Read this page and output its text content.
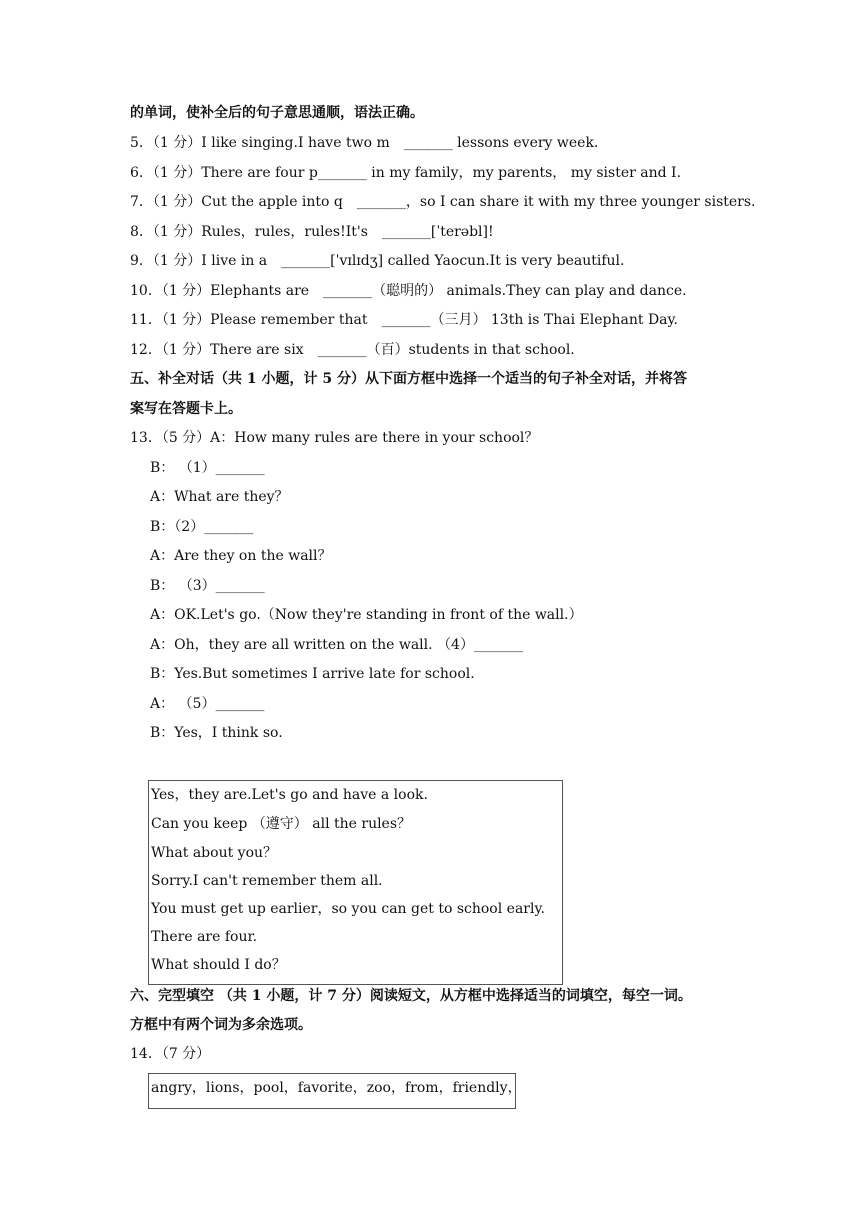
的单词，使补全后的句子意思通顺，语法正确。
5．（1 分）I like singing.I have two m　_______ lessons every week.
6．（1 分）There are four p_______ in my family，my parents， my sister and I.
7．（1 分）Cut the apple into q　_______，so I can share it with my three younger sisters.
8．（1 分）Rules，rules，rules!It's　_______[ˈterəbl]!
9．（1 分）I live in a　_______[ˈvɪlɪdʒ] called Yaocun.It is very beautiful.
10．（1 分）Elephants are　_______（聪明的） animals.They can play and dance.
11．（1 分）Please remember that　_______（三月） 13th is Thai Elephant Day.
12．（1 分）There are six　_______（百）students in that school.
五、补全对话（共 1 小题，计 5 分）从下面方框中选择一个适当的句子补全对话，并将答
案写在答题卡上。
13．（5 分）A：How many rules are there in your school？
B： （1）_______
A：What are they？
B：（2）_______
A：Are they on the wall？
B： （3）_______
A：OK.Let's go.（Now they're standing in front of the wall.）
A：Oh，they are all written on the wall. （4）_______
B：Yes.But sometimes I arrive late for school.
A： （5）_______
B：Yes，I think so.
Yes，they are.Let's go and have a look.
Can you keep （遵守） all the rules？
What about you？
Sorry.I can't remember them all.
You must get up earlier，so you can get to school early.
There are four.
What should I do？
六、完型填空 （共 1 小题，计 7 分）阅读短文，从方框中选择适当的词填空，每空一词。
方框中有两个词为多余选项。
14．（7 分）
angry，lions，pool，favorite，zoo，from，friendly，
